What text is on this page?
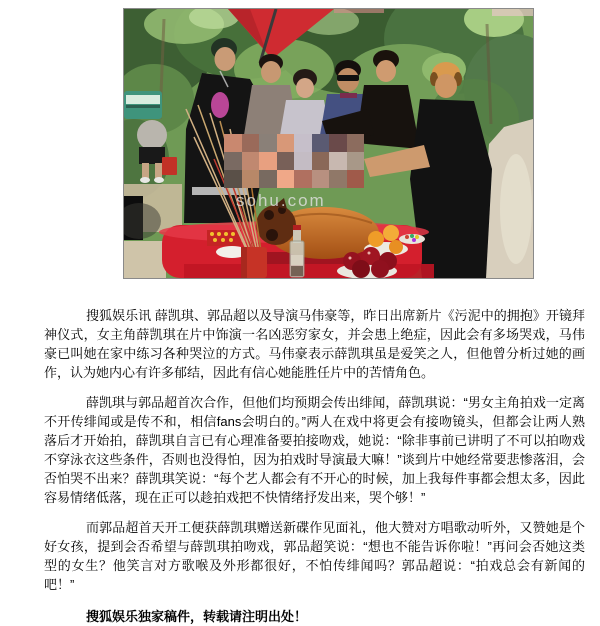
sohu.com

搜狐娱乐讯 薛凯琪、郭品超以及导演马伟豪等，昨日出席新片《污泥中的拥抱》开镜拜神仪式，女主角薛凯琪在片中饰演一名凶恶穷家女，并会患上绝症，因此会有多场哭戏，马伟豪已叫她在家中练习各种哭泣的方式。马伟豪表示薛凯琪虽是爱笑之人，但他曾分析过她的画作，认为她内心有许多郁结，因此有信心她能胜任片中的苦情角色。

薛凯琪与郭品超首次合作，但他们均预期会传出绯闻，薛凯琪说：“男女主角拍戏一定离不开传绯闻或是传不和，相信fans会明白的。”两人在戏中将更会有接吻镜头，但都会让两人熟落后才开始拍，薛凯琪自言已有心理准备要拍接吻戏，她说：“除非事前已讲明了不可以拍吻戏不穿泳衣这些条件，否则也没得怕，因为拍戏时导演最大嘛！”谈到片中她经常要悲惨落泪，会否怕哭不出来？薛凯琪笑说：“每个艺人都会有不开心的时候，加上我每件事都会想太多，因此容易情绪低落，现在正可以趁拍戏把不快情绪抒发出来，哭个够！”

而郭品超首天开工便获薛凯琪赠送新碟作见面礼，他大赞对方唱歌动听外，又赞她是个好女孩，提到会否希望与薛凯琪拍吻戏，郭品超笑说：“想也不能告诉你啦！”再问会否她这类型的女生？他笑言对方歌喉及外形都很好，不怕传绯闻吗？郭品超说：“拍戏总会有新闻的吧！”

搜狐娱乐独家稿件，转载请注明出处！
